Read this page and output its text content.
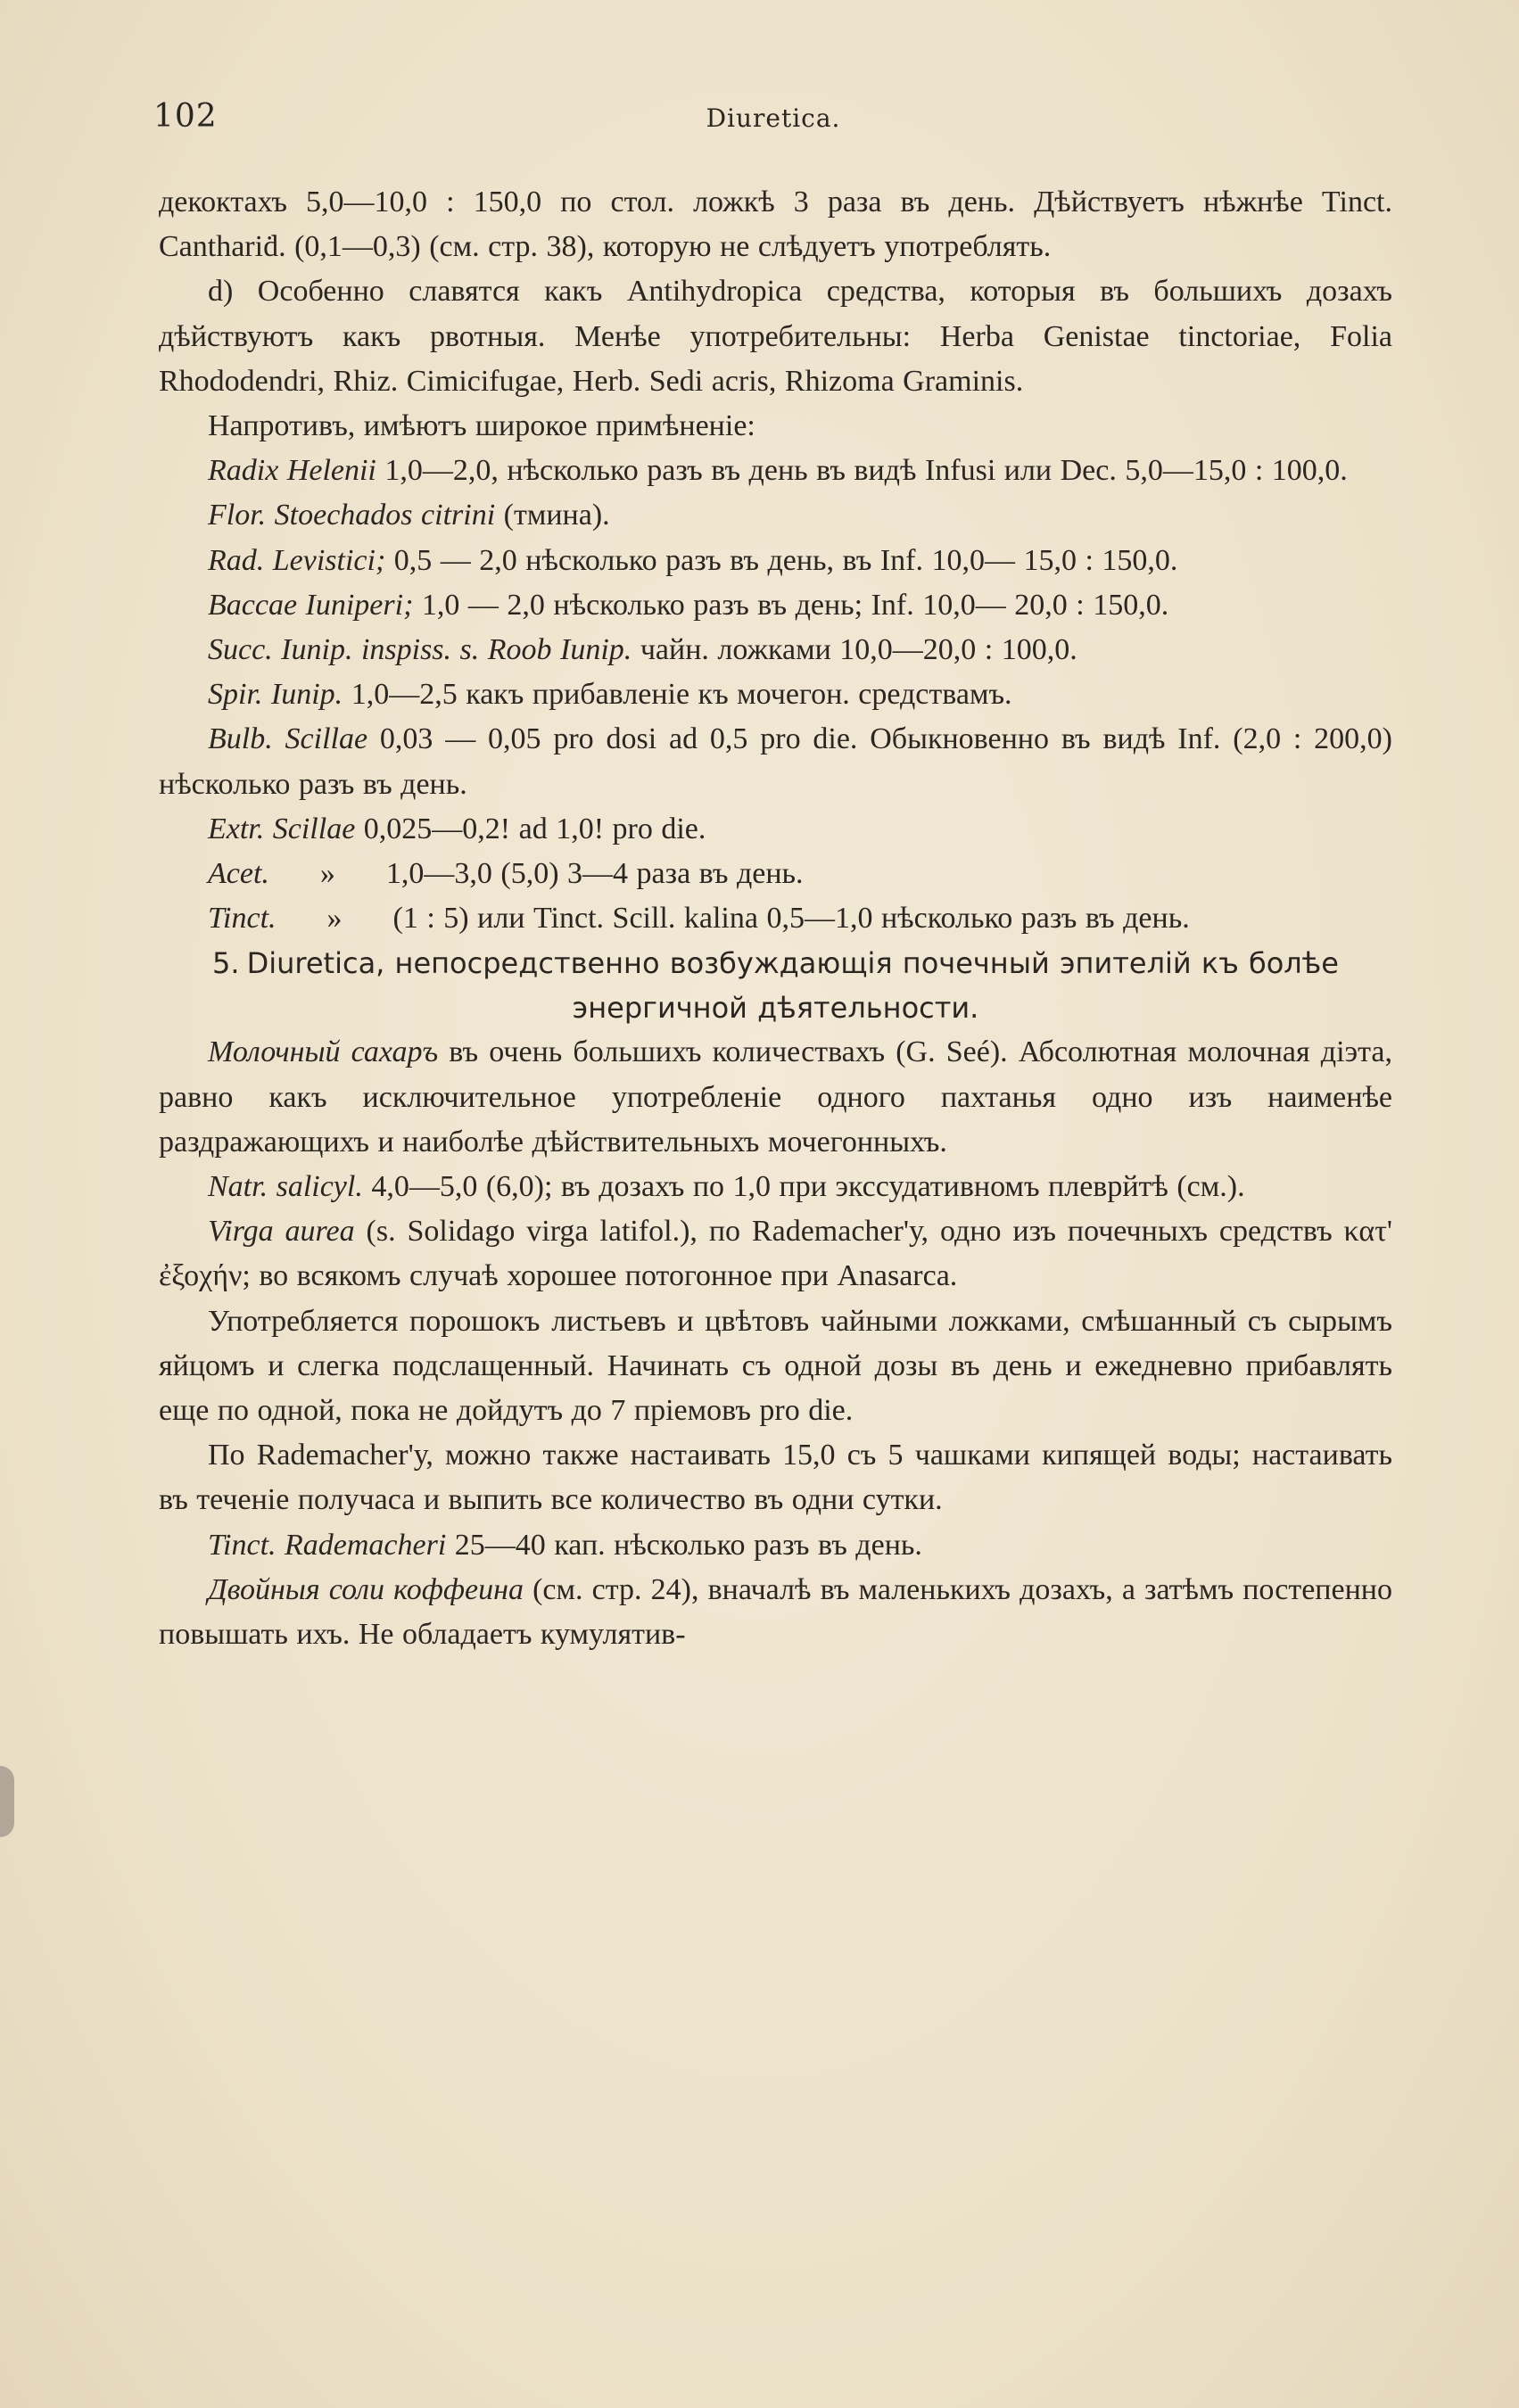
102	Diuretica.

декоктахъ 5,0—10,0 : 150,0 по стол. ложкѣ 3 раза въ день. Дѣйствуетъ нѣжнѣе Tinct. Canthariḋ. (0,1—0,3) (см. стр. 38), которую не слѣдуетъ употреблять.

d) Особенно славятся какъ Antihydropica средства, которыя въ большихъ дозахъ дѣйствуютъ какъ рвотныя. Менѣе употребительны: Herba Genistae tinctoriae, Folia Rhododendri, Rhiz. Cimicifugae, Herb. Sedi acris, Rhizoma Graminis.

Напротивъ, имѣютъ широкое примѣненіе:

Radix Helenii 1,0—2,0, нѣсколько разъ въ день въ видѣ Infusi или Dec. 5,0—15,0 : 100,0.

Flor. Stoechados citrini (тмина).

Rad. Levistici; 0,5 — 2,0 нѣсколько разъ въ день, въ Inf. 10,0— 15,0 : 150,0.

Baccae Iuniperi; 1,0 — 2,0 нѣсколько разъ въ день; Inf. 10,0— 20,0 : 150,0.

Succ. Iunip. inspiss. s. Roob Iunip. чайн. ложками 10,0—20,0 : 100,0.

Spir. Iunip. 1,0—2,5 какъ прибавленіе къ мочегон. средствамъ.

Bulb. Scillae 0,03 — 0,05 pro dosi ad 0,5 pro die. Обыкновенно въ видѣ Inf. (2,0 : 200,0) нѣсколько разъ въ день.

Extr. Scillae 0,025—0,2! ad 1,0! pro die.

Acet.      »      1,0—3,0 (5,0) 3—4 раза въ день.

Tinct.      »      (1 : 5) или Tinct. Scill. kalina 0,5—1,0 нѣсколько разъ въ день.

5. Diuretica, непосредственно возбуждающія почечный эпителій къ болѣе энергичной дѣятельности.

Молочный сахаръ въ очень большихъ количествахъ (G. Seé). Абсолютная молочная діэта, равно какъ исключительное употребленіе одного пахтанья одно изъ наименѣе раздражающихъ и наиболѣе дѣйствительныхъ мочегонныхъ.

Natr. salicyl. 4,0—5,0 (6,0); въ дозахъ по 1,0 при экссудативномъ плеврйтѣ (см.).

Virga aurea (s. Solidago virga latifol.), по Rademacher'у, одно изъ почечныхъ средствъ κατ' ἐξοχήν; во всякомъ случаѣ хорошее потогонное при Anasarca.

Употребляется порошокъ листьевъ и цвѣтовъ чайными ложками, смѣшанный съ сырымъ яйцомъ и слегка подслащенный. Начинать съ одной дозы въ день и ежедневно прибавлять еще по одной, пока не дойдутъ до 7 пріемовъ pro die.

По Rademacher'у, можно также настаивать 15,0 съ 5 чашками кипящей воды; настаивать въ теченіе получаса и выпить все количество въ одни сутки.

Tinct. Rademacheri 25—40 кап. нѣсколько разъ въ день.

Двойныя соли коффеина (см. стр. 24), вначалѣ въ маленькихъ дозахъ, а затѣмъ постепенно повышать ихъ. Не обладаетъ кумулятив-
